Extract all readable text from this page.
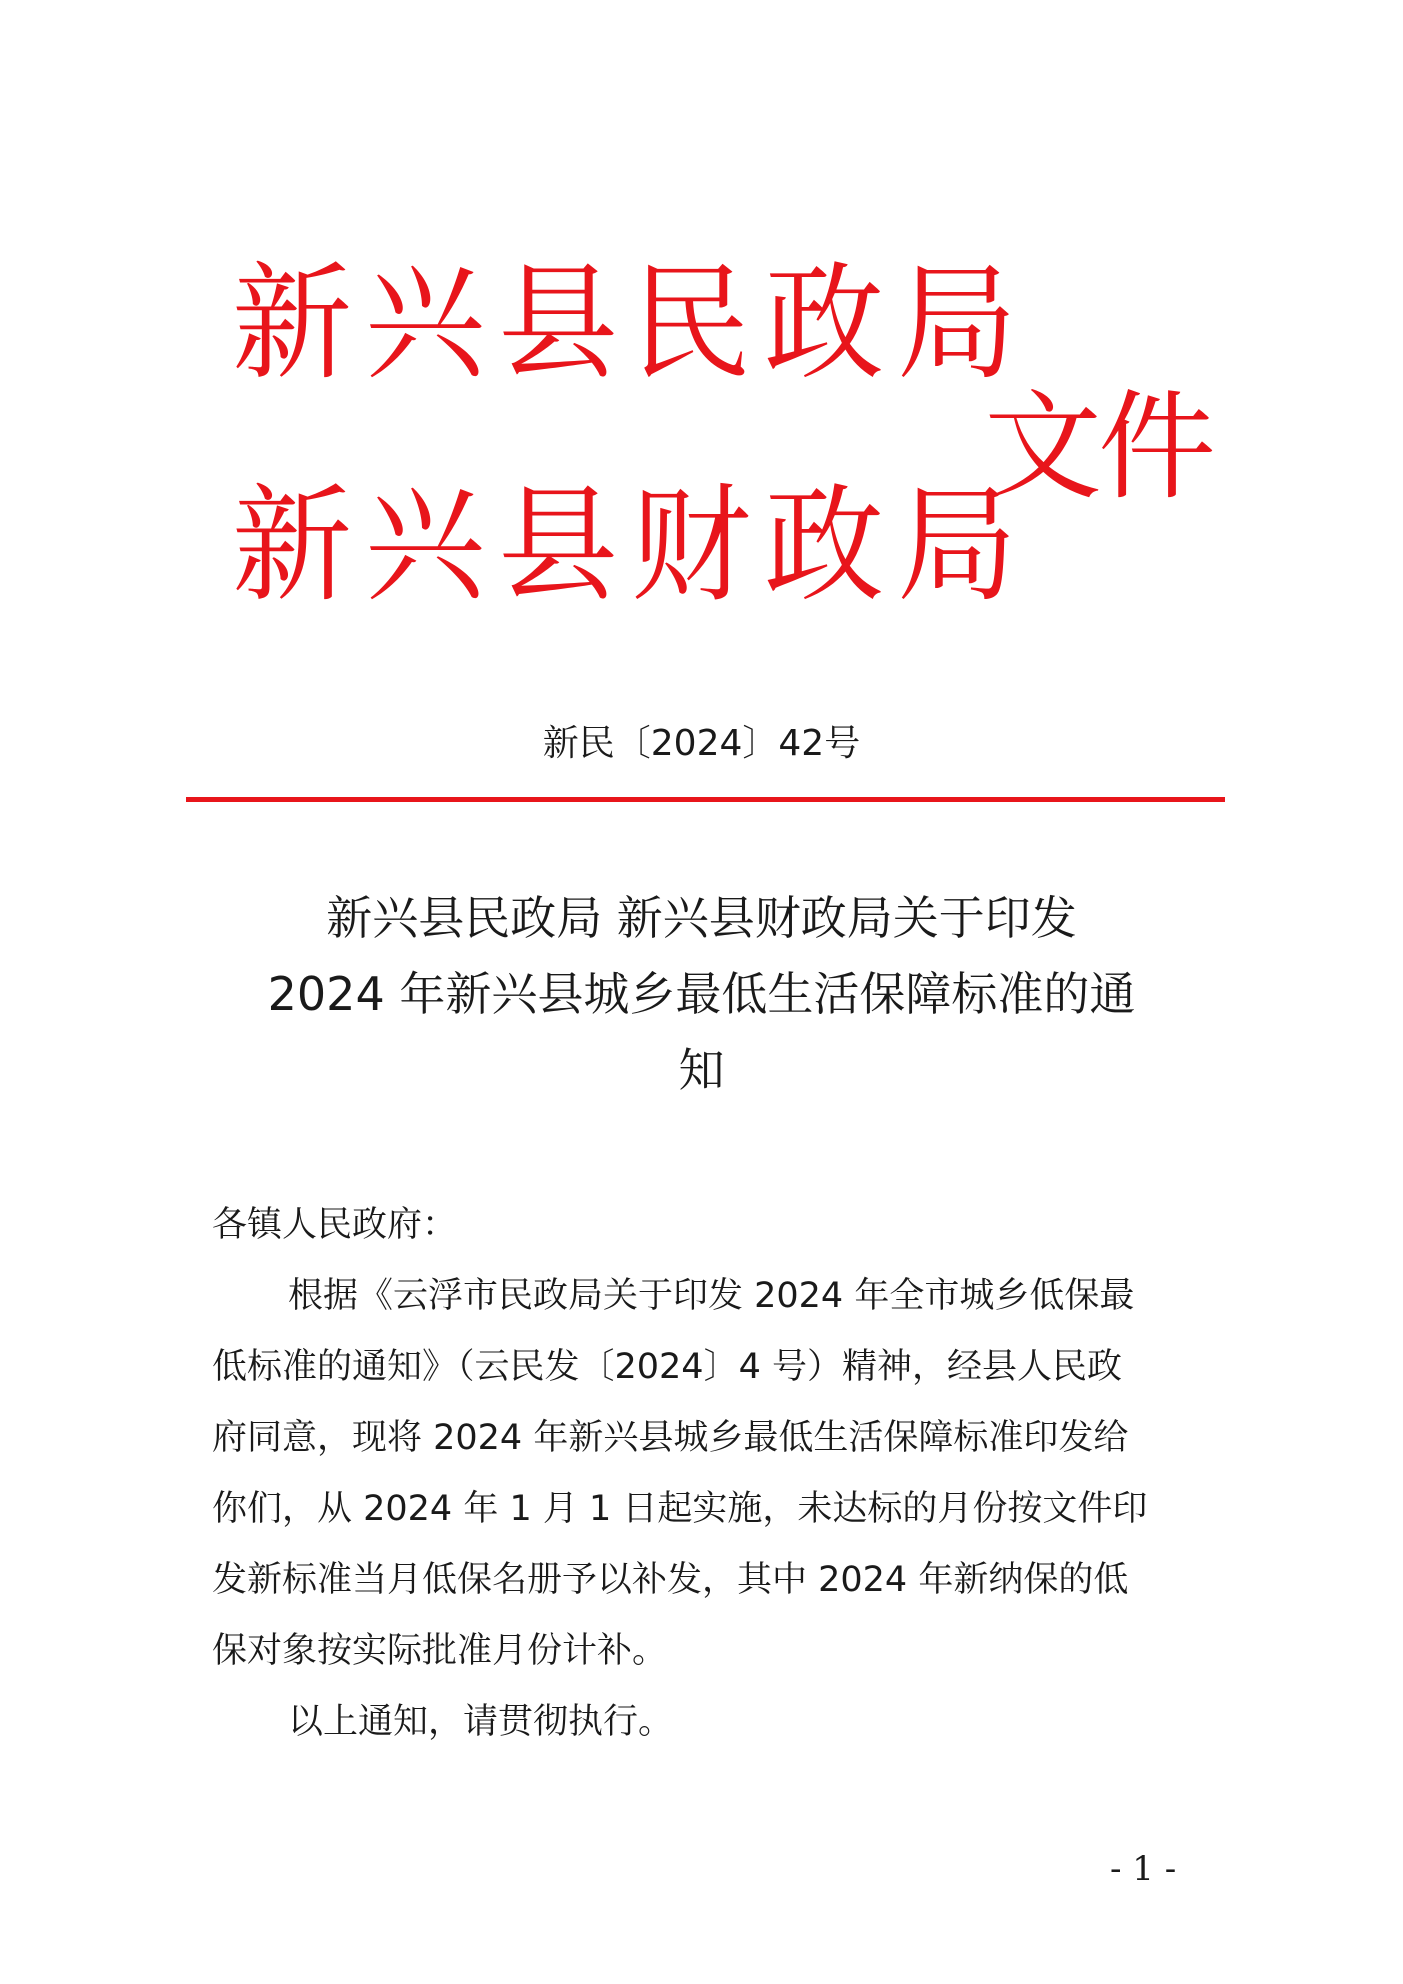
新 兴 县 民 政 局
新 兴 县 财 政 局
文件
新民〔2024〕42号
新兴县民政局 新兴县财政局关于印发
2024 年新兴县城乡最低生活保障标准的通
知
各镇人民政府：
根据《云浮市民政局关于印发 2024 年全市城乡低保最
低标准的通知》（云民发〔2024〕4 号）精神，经县人民政
府同意，现将 2024 年新兴县城乡最低生活保障标准印发给
你们，从 2024 年 1 月 1 日起实施，未达标的月份按文件印
发新标准当月低保名册予以补发，其中 2024 年新纳保的低
保对象按实际批准月份计补。
以上通知，请贯彻执行。
- 1 -
